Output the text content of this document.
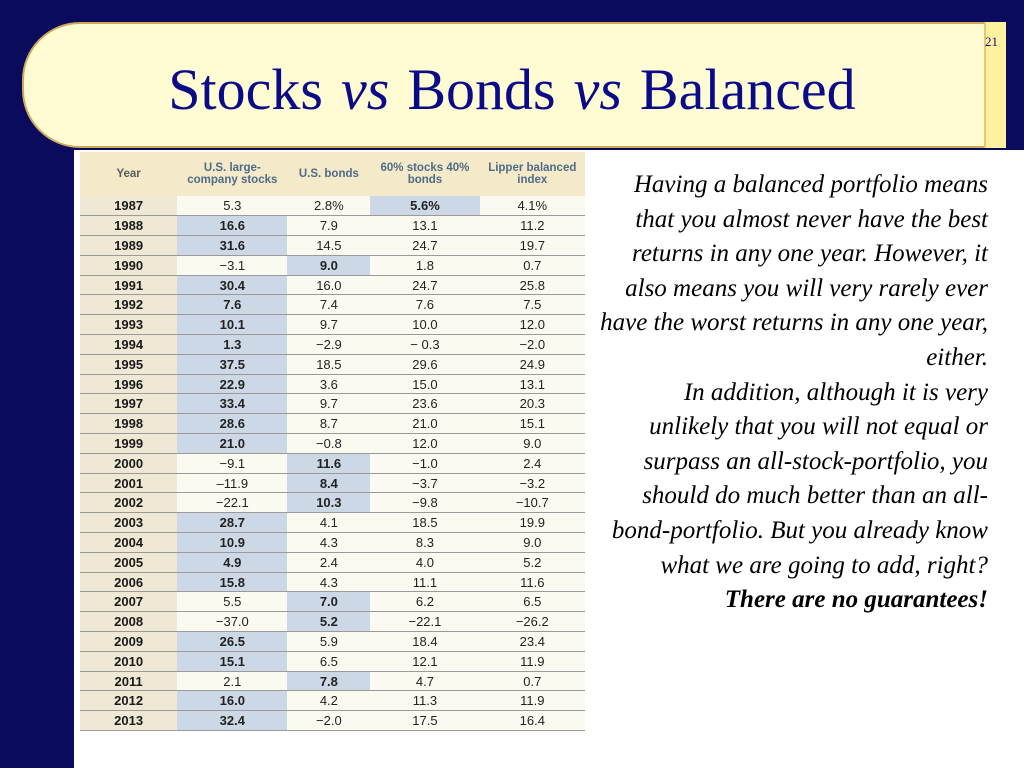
Stocks vs Bonds vs Balanced
21
Year	U.S. large-company stocks	U.S. bonds	60% stocks 40% bonds	Lipper balanced index
1987	5.3	2.8%	5.6%	4.1%
1988	16.6	7.9	13.1	11.2
1989	31.6	14.5	24.7	19.7
1990	−3.1	9.0	1.8	0.7
1991	30.4	16.0	24.7	25.8
1992	7.6	7.4	7.6	7.5
1993	10.1	9.7	10.0	12.0
1994	1.3	−2.9	− 0.3	−2.0
1995	37.5	18.5	29.6	24.9
1996	22.9	3.6	15.0	13.1
1997	33.4	9.7	23.6	20.3
1998	28.6	8.7	21.0	15.1
1999	21.0	−0.8	12.0	9.0
2000	−9.1	11.6	−1.0	2.4
2001	–11.9	8.4	−3.7	−3.2
2002	−22.1	10.3	−9.8	−10.7
2003	28.7	4.1	18.5	19.9
2004	10.9	4.3	8.3	9.0
2005	4.9	2.4	4.0	5.2
2006	15.8	4.3	11.1	11.6
2007	5.5	7.0	6.2	6.5
2008	−37.0	5.2	−22.1	−26.2
2009	26.5	5.9	18.4	23.4
2010	15.1	6.5	12.1	11.9
2011	2.1	7.8	4.7	0.7
2012	16.0	4.2	11.3	11.9
2013	32.4	−2.0	17.5	16.4

Having a balanced portfolio means that you almost never have the best returns in any one year. However, it also means you will very rarely ever have the worst returns in any one year, either.

In addition, although it is very unlikely that you will not equal or surpass an all-stock-portfolio, you should do much better than an all-bond-portfolio. But you already know what we are going to add, right?

There are no guarantees!
